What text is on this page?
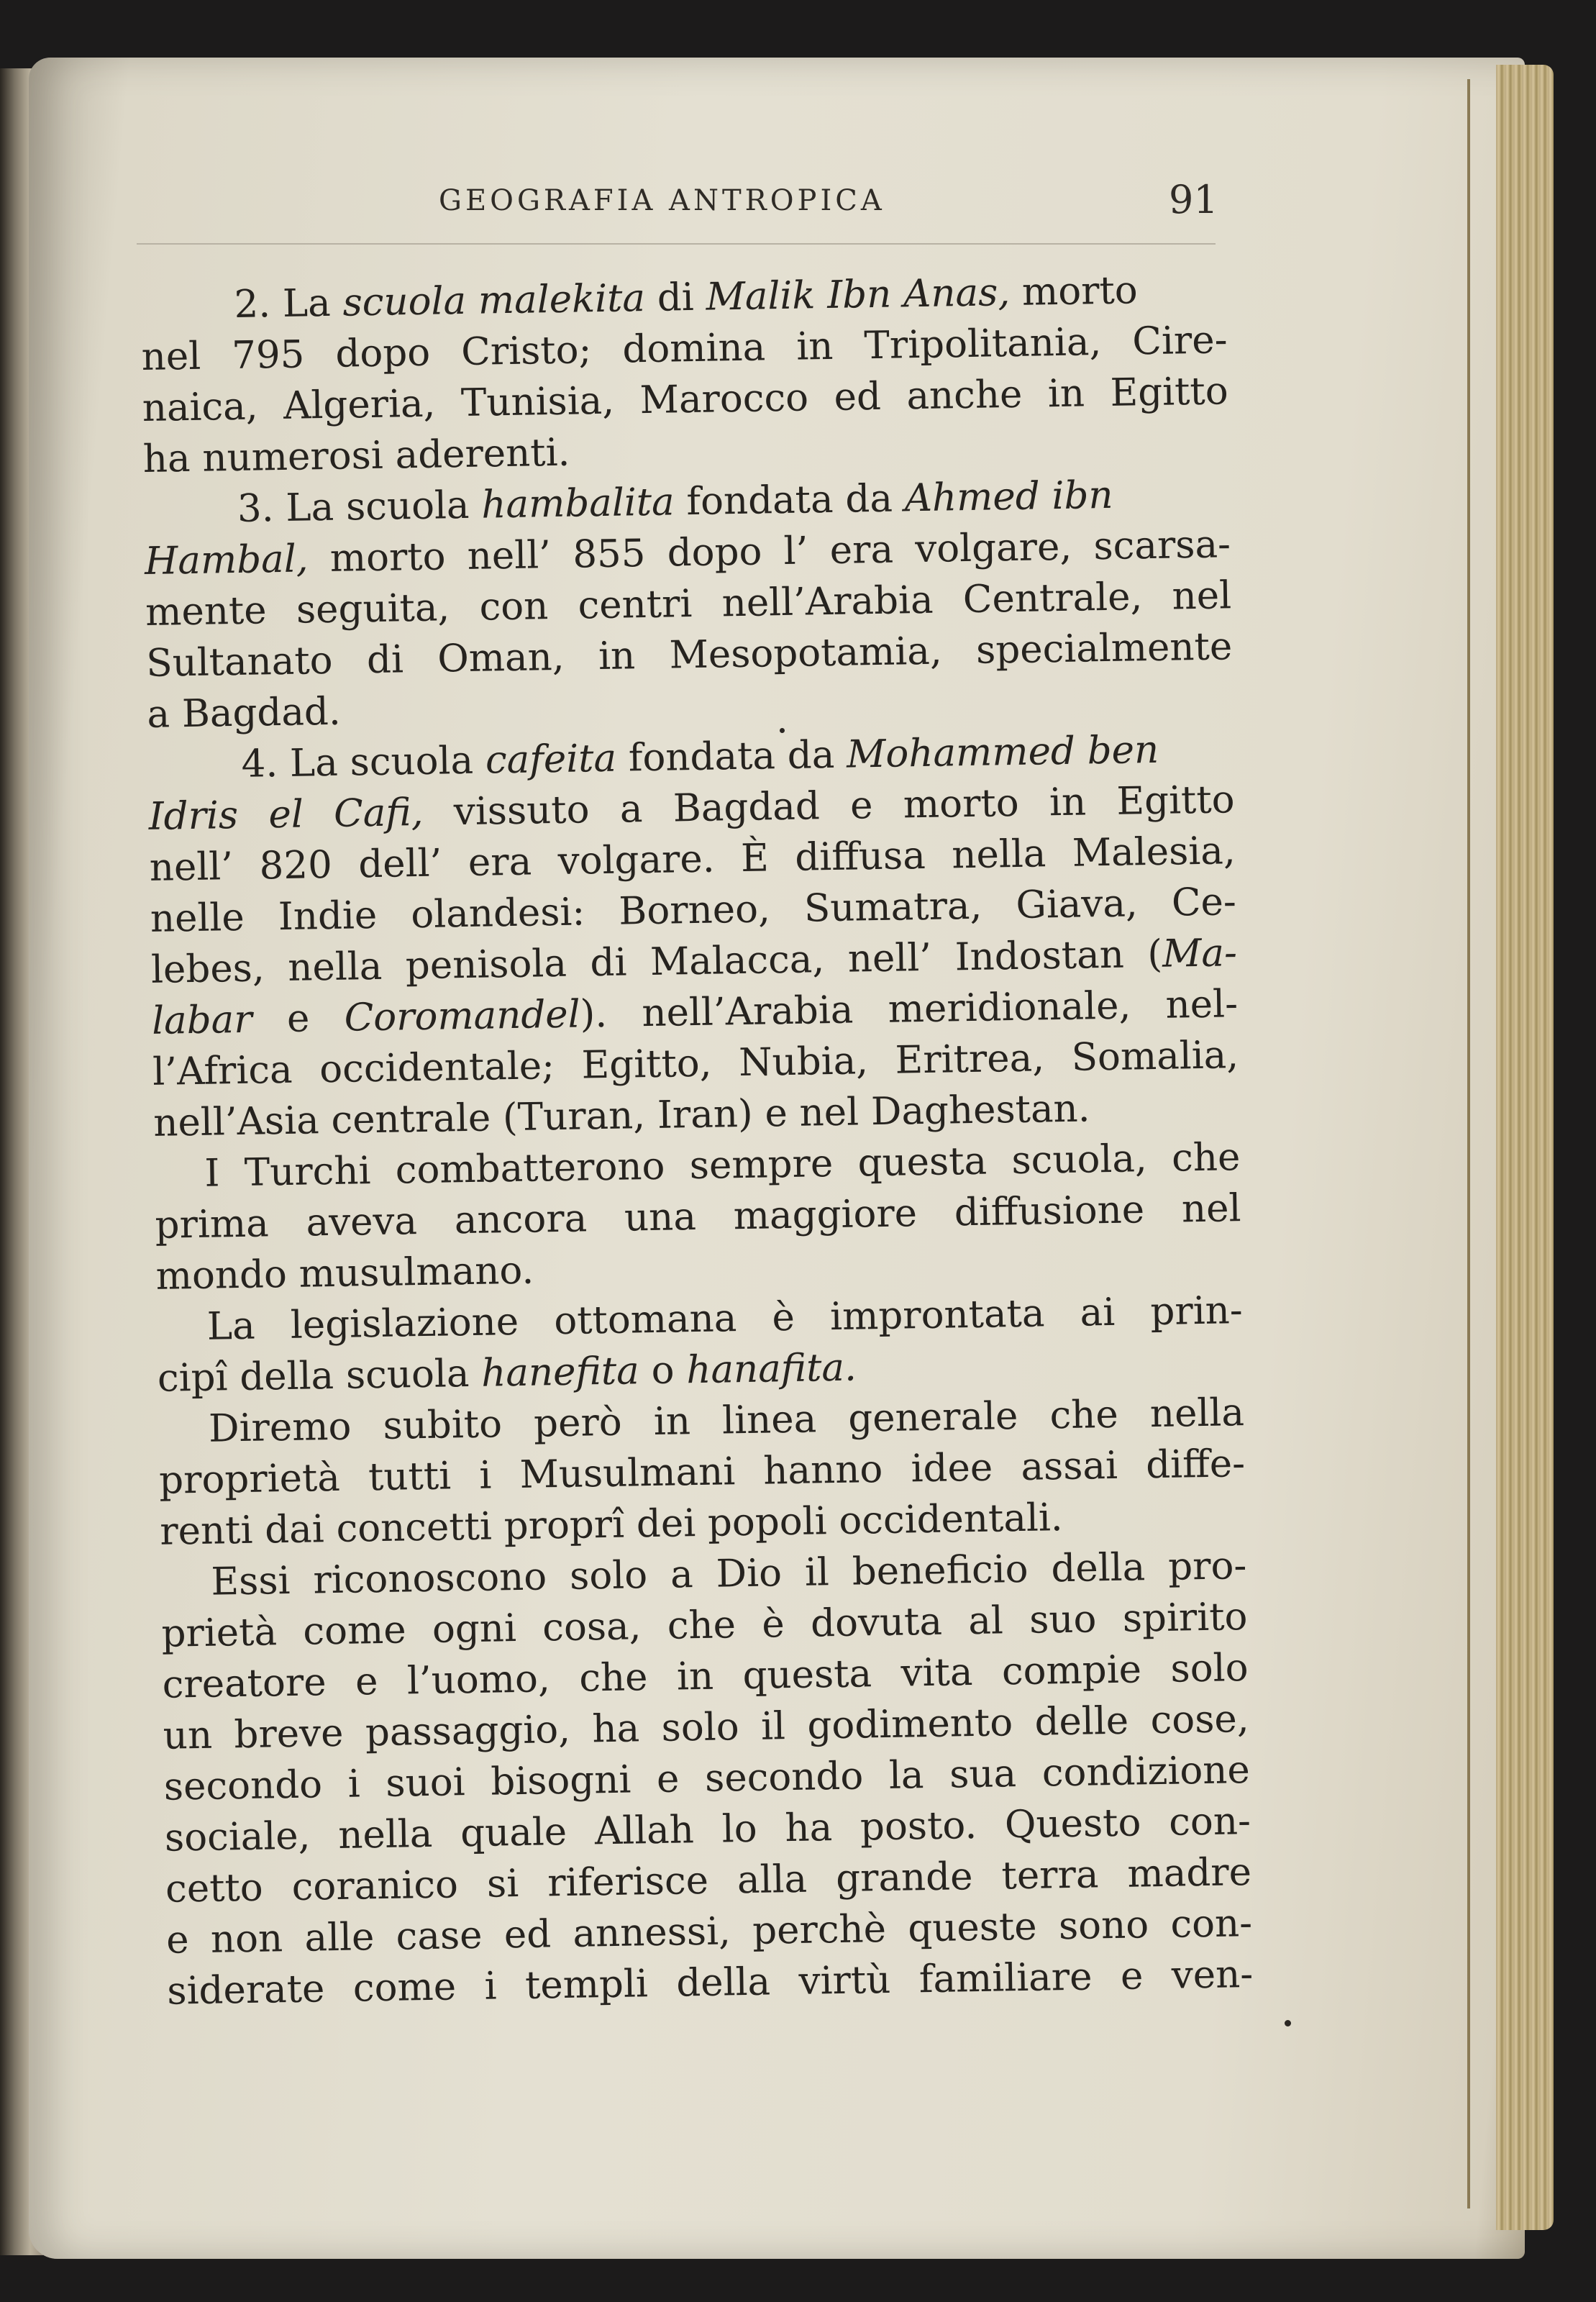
GEOGRAFIA ANTROPICA	91
2. La scuola malekita di Malik Ibn Anas, morto
nel 795 dopo Cristo; domina in Tripolitania, Cire-
naica, Algeria, Tunisia, Marocco ed anche in Egitto
ha numerosi aderenti.
3. La scuola hambalita fondata da Ahmed ibn
Hambal, morto nell’ 855 dopo l’ era volgare, scarsa-
mente seguita, con centri nell’Arabia Centrale, nel
Sultanato di Oman, in Mesopotamia, specialmente
a Bagdad.
4. La scuola cafeita fondata da Mohammed ben
Idris el Cafi, vissuto a Bagdad e morto in Egitto
nell’ 820 dell’ era volgare. È diffusa nella Malesia,
nelle Indie olandesi: Borneo, Sumatra, Giava, Ce-
lebes, nella penisola di Malacca, nell’ Indostan (Ma-
labar e Coromandel). nell’Arabia meridionale, nel-
l’Africa occidentale; Egitto, Nubia, Eritrea, Somalia,
nell’Asia centrale (Turan, Iran) e nel Daghestan.
I Turchi combatterono sempre questa scuola, che
prima aveva ancora una maggiore diffusione nel
mondo musulmano.
La legislazione ottomana è improntata ai prin-
cipî della scuola hanefita o hanafita.
Diremo subito però in linea generale che nella
proprietà tutti i Musulmani hanno idee assai diffe-
renti dai concetti proprî dei popoli occidentali.
Essi riconoscono solo a Dio il beneficio della pro-
prietà come ogni cosa, che è dovuta al suo spirito
creatore e l’uomo, che in questa vita compie solo
un breve passaggio, ha solo il godimento delle cose,
secondo i suoi bisogni e secondo la sua condizione
sociale, nella quale Allah lo ha posto. Questo con-
cetto coranico si riferisce alla grande terra madre
e non alle case ed annessi, perchè queste sono con-
siderate come i templi della virtù familiare e ven-
